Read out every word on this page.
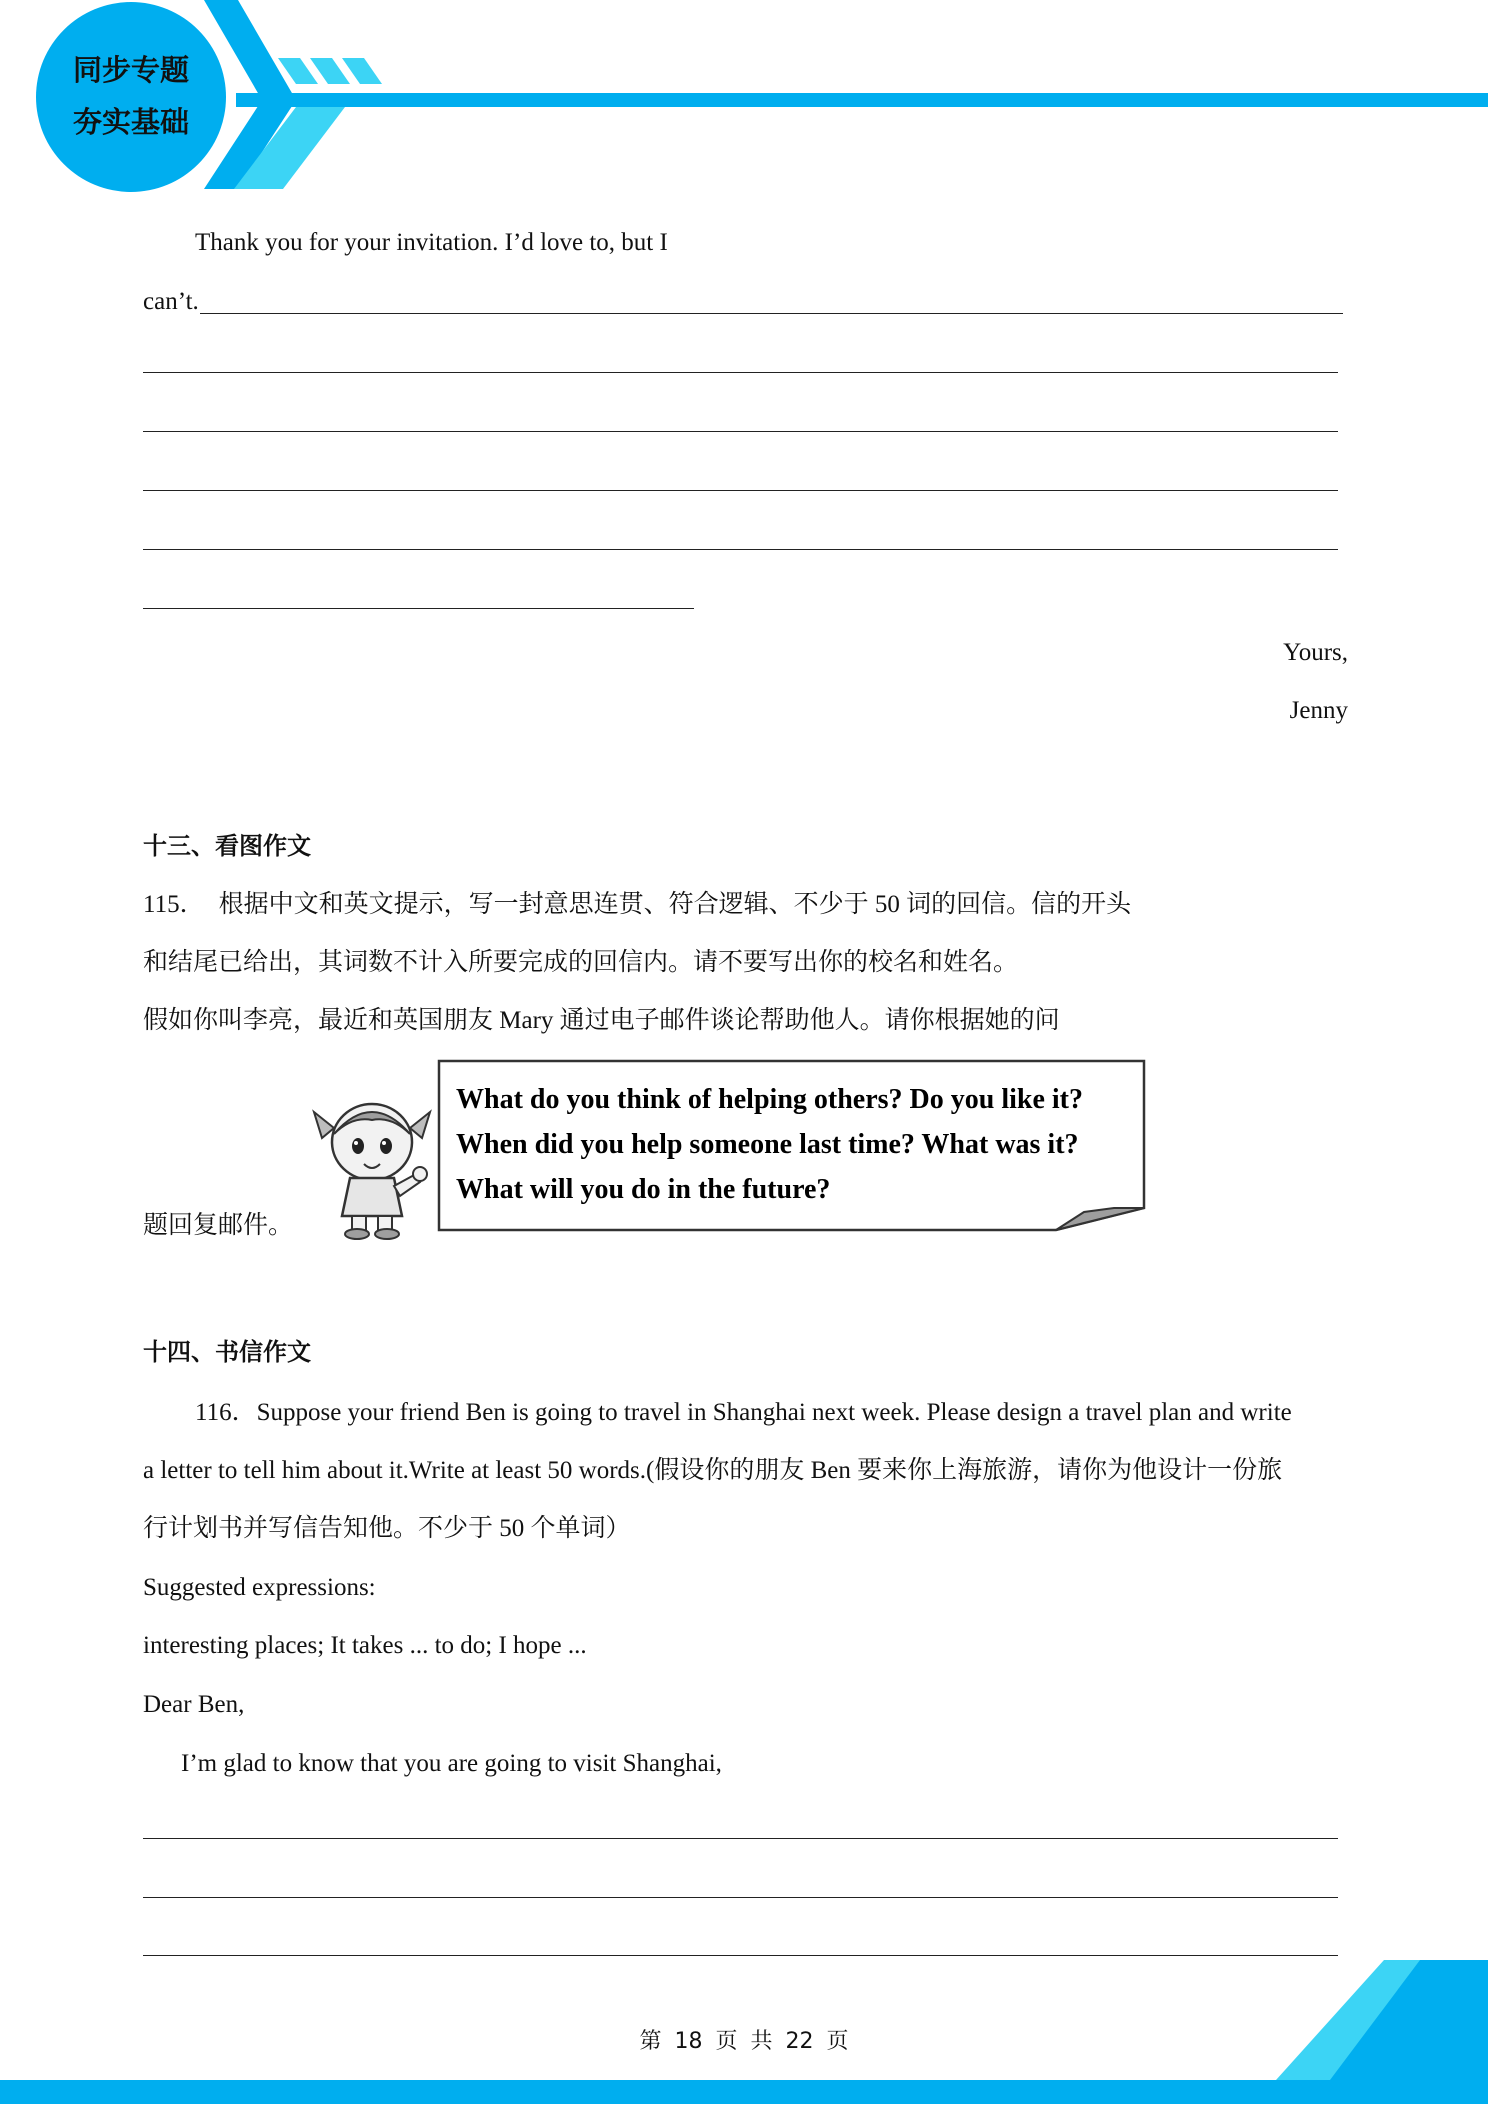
同步专题
夯实基础
Thank you for your invitation. I’d love to, but I
can’t.
Yours,
Jenny
十三、看图作文
115． 根据中文和英文提示，写一封意思连贯、符合逻辑、不少于 50 词的回信。信的开头
和结尾已给出，其词数不计入所要完成的回信内。请不要写出你的校名和姓名。
假如你叫李亮，最近和英国朋友 Mary 通过电子邮件谈论帮助他人。请你根据她的问
题回复邮件。
What do you think of helping others? Do you like it?
When did you help someone last time? What was it?
What will you do in the future?
十四、书信作文
116．Suppose your friend Ben is going to travel in Shanghai next week. Please design a travel plan and write
a letter to tell him about it.Write at least 50 words.(假设你的朋友 Ben 要来你上海旅游，请你为他设计一份旅
行计划书并写信告知他。不少于 50 个单词）
Suggested expressions:
interesting places; It takes ... to do; I hope ...
Dear Ben,
I’m glad to know that you are going to visit Shanghai,
第 18 页 共 22 页
